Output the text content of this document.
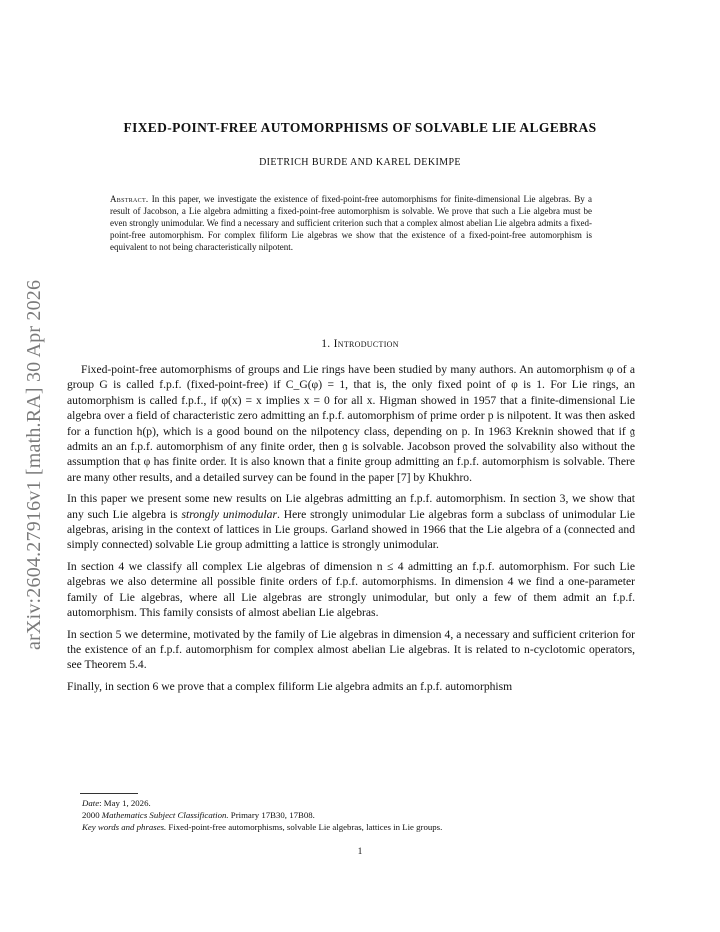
arXiv:2604.27916v1 [math.RA] 30 Apr 2026
FIXED-POINT-FREE AUTOMORPHISMS OF SOLVABLE LIE ALGEBRAS
DIETRICH BURDE AND KAREL DEKIMPE
Abstract. In this paper, we investigate the existence of fixed-point-free automorphisms for finite-dimensional Lie algebras. By a result of Jacobson, a Lie algebra admitting a fixed-point-free automorphism is solvable. We prove that such a Lie algebra must be even strongly unimodular. We find a necessary and sufficient criterion such that a complex almost abelian Lie algebra admits a fixed-point-free automorphism. For complex filiform Lie algebras we show that the existence of a fixed-point-free automorphism is equivalent to not being characteristically nilpotent.
1. Introduction

Fixed-point-free automorphisms of groups and Lie rings have been studied by many authors. An automorphism φ of a group G is called f.p.f. (fixed-point-free) if C_G(φ) = 1, that is, the only fixed point of φ is 1. For Lie rings, an automorphism is called f.p.f., if φ(x) = x implies x = 0 for all x. Higman showed in 1957 that a finite-dimensional Lie algebra over a field of characteristic zero admitting an f.p.f. automorphism of prime order p is nilpotent. It was then asked for a function h(p), which is a good bound on the nilpotency class, depending on p. In 1963 Kreknin showed that if 𝔤 admits an an f.p.f. automorphism of any finite order, then 𝔤 is solvable. Jacobson proved the solvability also without the assumption that φ has finite order. It is also known that a finite group admitting an f.p.f. automorphism is solvable. There are many other results, and a detailed survey can be found in the paper [7] by Khukhro.

In this paper we present some new results on Lie algebras admitting an f.p.f. automorphism. In section 3, we show that any such Lie algebra is strongly unimodular. Here strongly unimodular Lie algebras form a subclass of unimodular Lie algebras, arising in the context of lattices in Lie groups. Garland showed in 1966 that the Lie algebra of a (connected and simply connected) solvable Lie group admitting a lattice is strongly unimodular.

In section 4 we classify all complex Lie algebras of dimension n ≤ 4 admitting an f.p.f. automorphism. For such Lie algebras we also determine all possible finite orders of f.p.f. automorphisms. In dimension 4 we find a one-parameter family of Lie algebras, where all Lie algebras are strongly unimodular, but only a few of them admit an f.p.f. automorphism. This family consists of almost abelian Lie algebras.

In section 5 we determine, motivated by the family of Lie algebras in dimension 4, a necessary and sufficient criterion for the existence of an f.p.f. automorphism for complex almost abelian Lie algebras. It is related to n-cyclotomic operators, see Theorem 5.4.

Finally, in section 6 we prove that a complex filiform Lie algebra admits an f.p.f. automorphism

Date: May 1, 2026.

2000 Mathematics Subject Classification. Primary 17B30, 17B08.

Key words and phrases. Fixed-point-free automorphisms, solvable Lie algebras, lattices in Lie groups.

1
